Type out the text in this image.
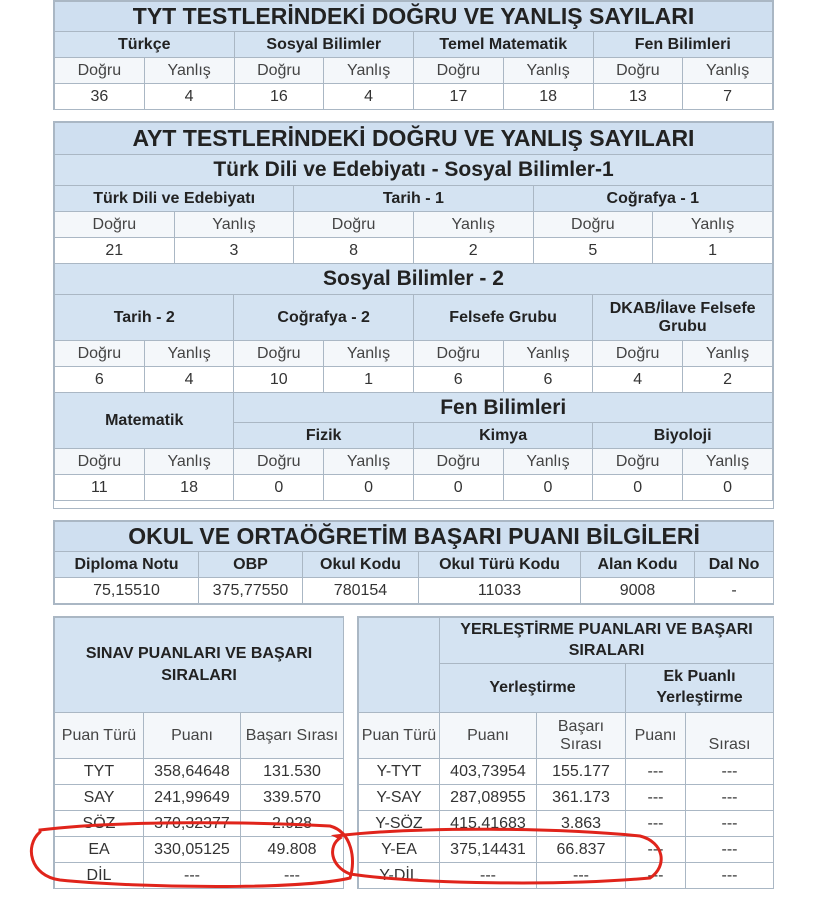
TYT TESTLERİNDEKİ DOĞRU VE YANLIŞ SAYILARI							
Türkçe		Sosyal Bilimler		Temel Matematik		Fen Bilimleri	
Doğru	Yanlış	Doğru	Yanlış	Doğru	Yanlış	Doğru	Yanlış
36	4	16	4	17	18	13	7
AYT TESTLERİNDEKİ DOĞRU VE YANLIŞ SAYILARI											
Türk Dili ve Edebiyatı - Sosyal Bilimler-1											
Türk Dili ve Edebiyatı				Tarih - 1				Coğrafya - 1			
Doğru		Yanlış		Doğru		Yanlış		Doğru		Yanlış	
21		3		8		2		5		1	
Sosyal Bilimler - 2											
Tarih - 2			Coğrafya - 2			Felsefe Grubu			DKAB/İlave Felsefe Grubu		
Doğru	Yanlış		Doğru		Yanlış	Doğru	Yanlış		Doğru		Yanlış
6	4		10		1	6	6		4		2
Matematik			Fen Bilimleri								
			Fizik			Kimya			Biyoloji		
Doğru	Yanlış		Doğru		Yanlış	Doğru	Yanlış		Doğru		Yanlış
11	18		0		0	0	0		0		0
OKUL VE ORTAÖĞRETİM BAŞARI PUANI BİLGİLERİ					
Diploma Notu	OBP	Okul Kodu	Okul Türü Kodu	Alan Kodu	Dal No
75,15510	375,77550	780154	11033	9008	-
SINAV PUANLARI VE BAŞARI SIRALARI		
Puan Türü	Puanı	Başarı Sırası
TYT	358,64648	131.530
SAY	241,99649	339.570
SÖZ	370,32377	2.928
EA	330,05125	49.808
DİL	---	---
	YERLEŞTİRME PUANLARI VE BAŞARI SIRALARI			
	Yerleştirme		Ek Puanlı Yerleştirme	
Puan Türü	Puanı	Başarı Sırası	Puanı	Sırası
Y-TYT	403,73954	155.177	---	---
Y-SAY	287,08955	361.173	---	---
Y-SÖZ	415,41683	3.863	---	---
Y-EA	375,14431	66.837	---	---
Y-DİL	---	---	---	---
